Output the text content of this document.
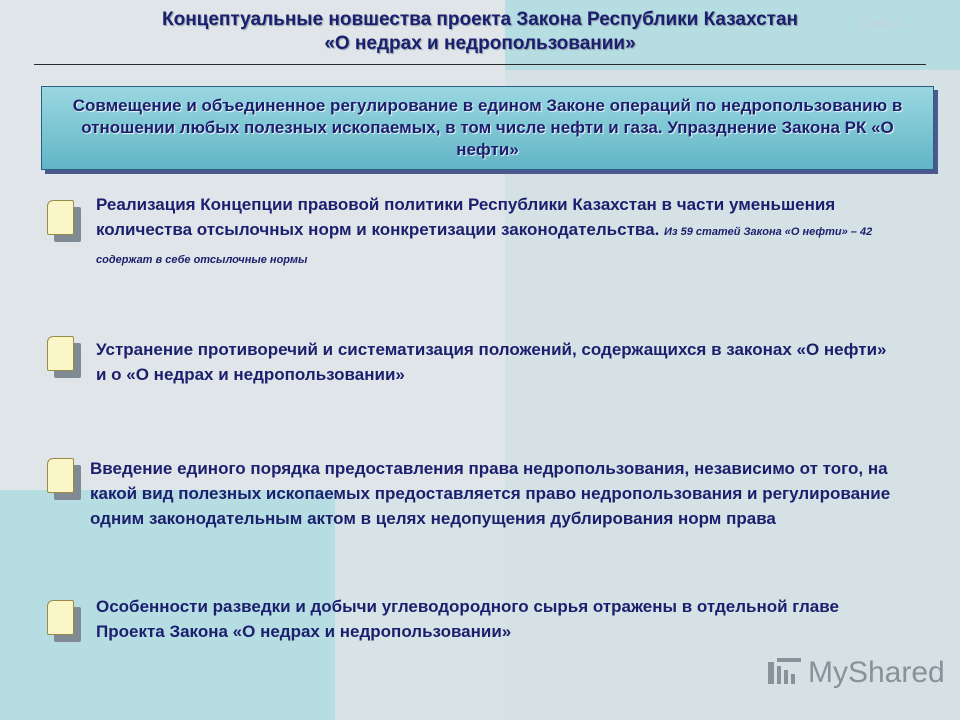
Концептуальные новшества проекта Закона Республики Казахстан
«О недрах и недропользовании»
Слайд 2
Совмещение и объединенное регулирование в едином Законе операций по недропользованию в отношении любых полезных ископаемых, в том числе нефти и газа. Упразднение Закона РК «О нефти»
Реализация Концепции правовой политики Республики Казахстан в части уменьшения количества отсылочных норм и конкретизации законодательства. Из 59 статей Закона «О нефти» – 42 содержат в себе отсылочные нормы
Устранение противоречий и систематизация положений, содержащихся в законах «О нефти» и о «О недрах и недропользовании»
Введение единого порядка предоставления права недропользования, независимо от того, на какой вид полезных ископаемых предоставляется право недропользования и регулирование одним законодательным актом в целях недопущения дублирования норм права
Особенности разведки и добычи углеводородного сырья отражены в отдельной главе Проекта Закона «О недрах и недропользовании»
MyShared
